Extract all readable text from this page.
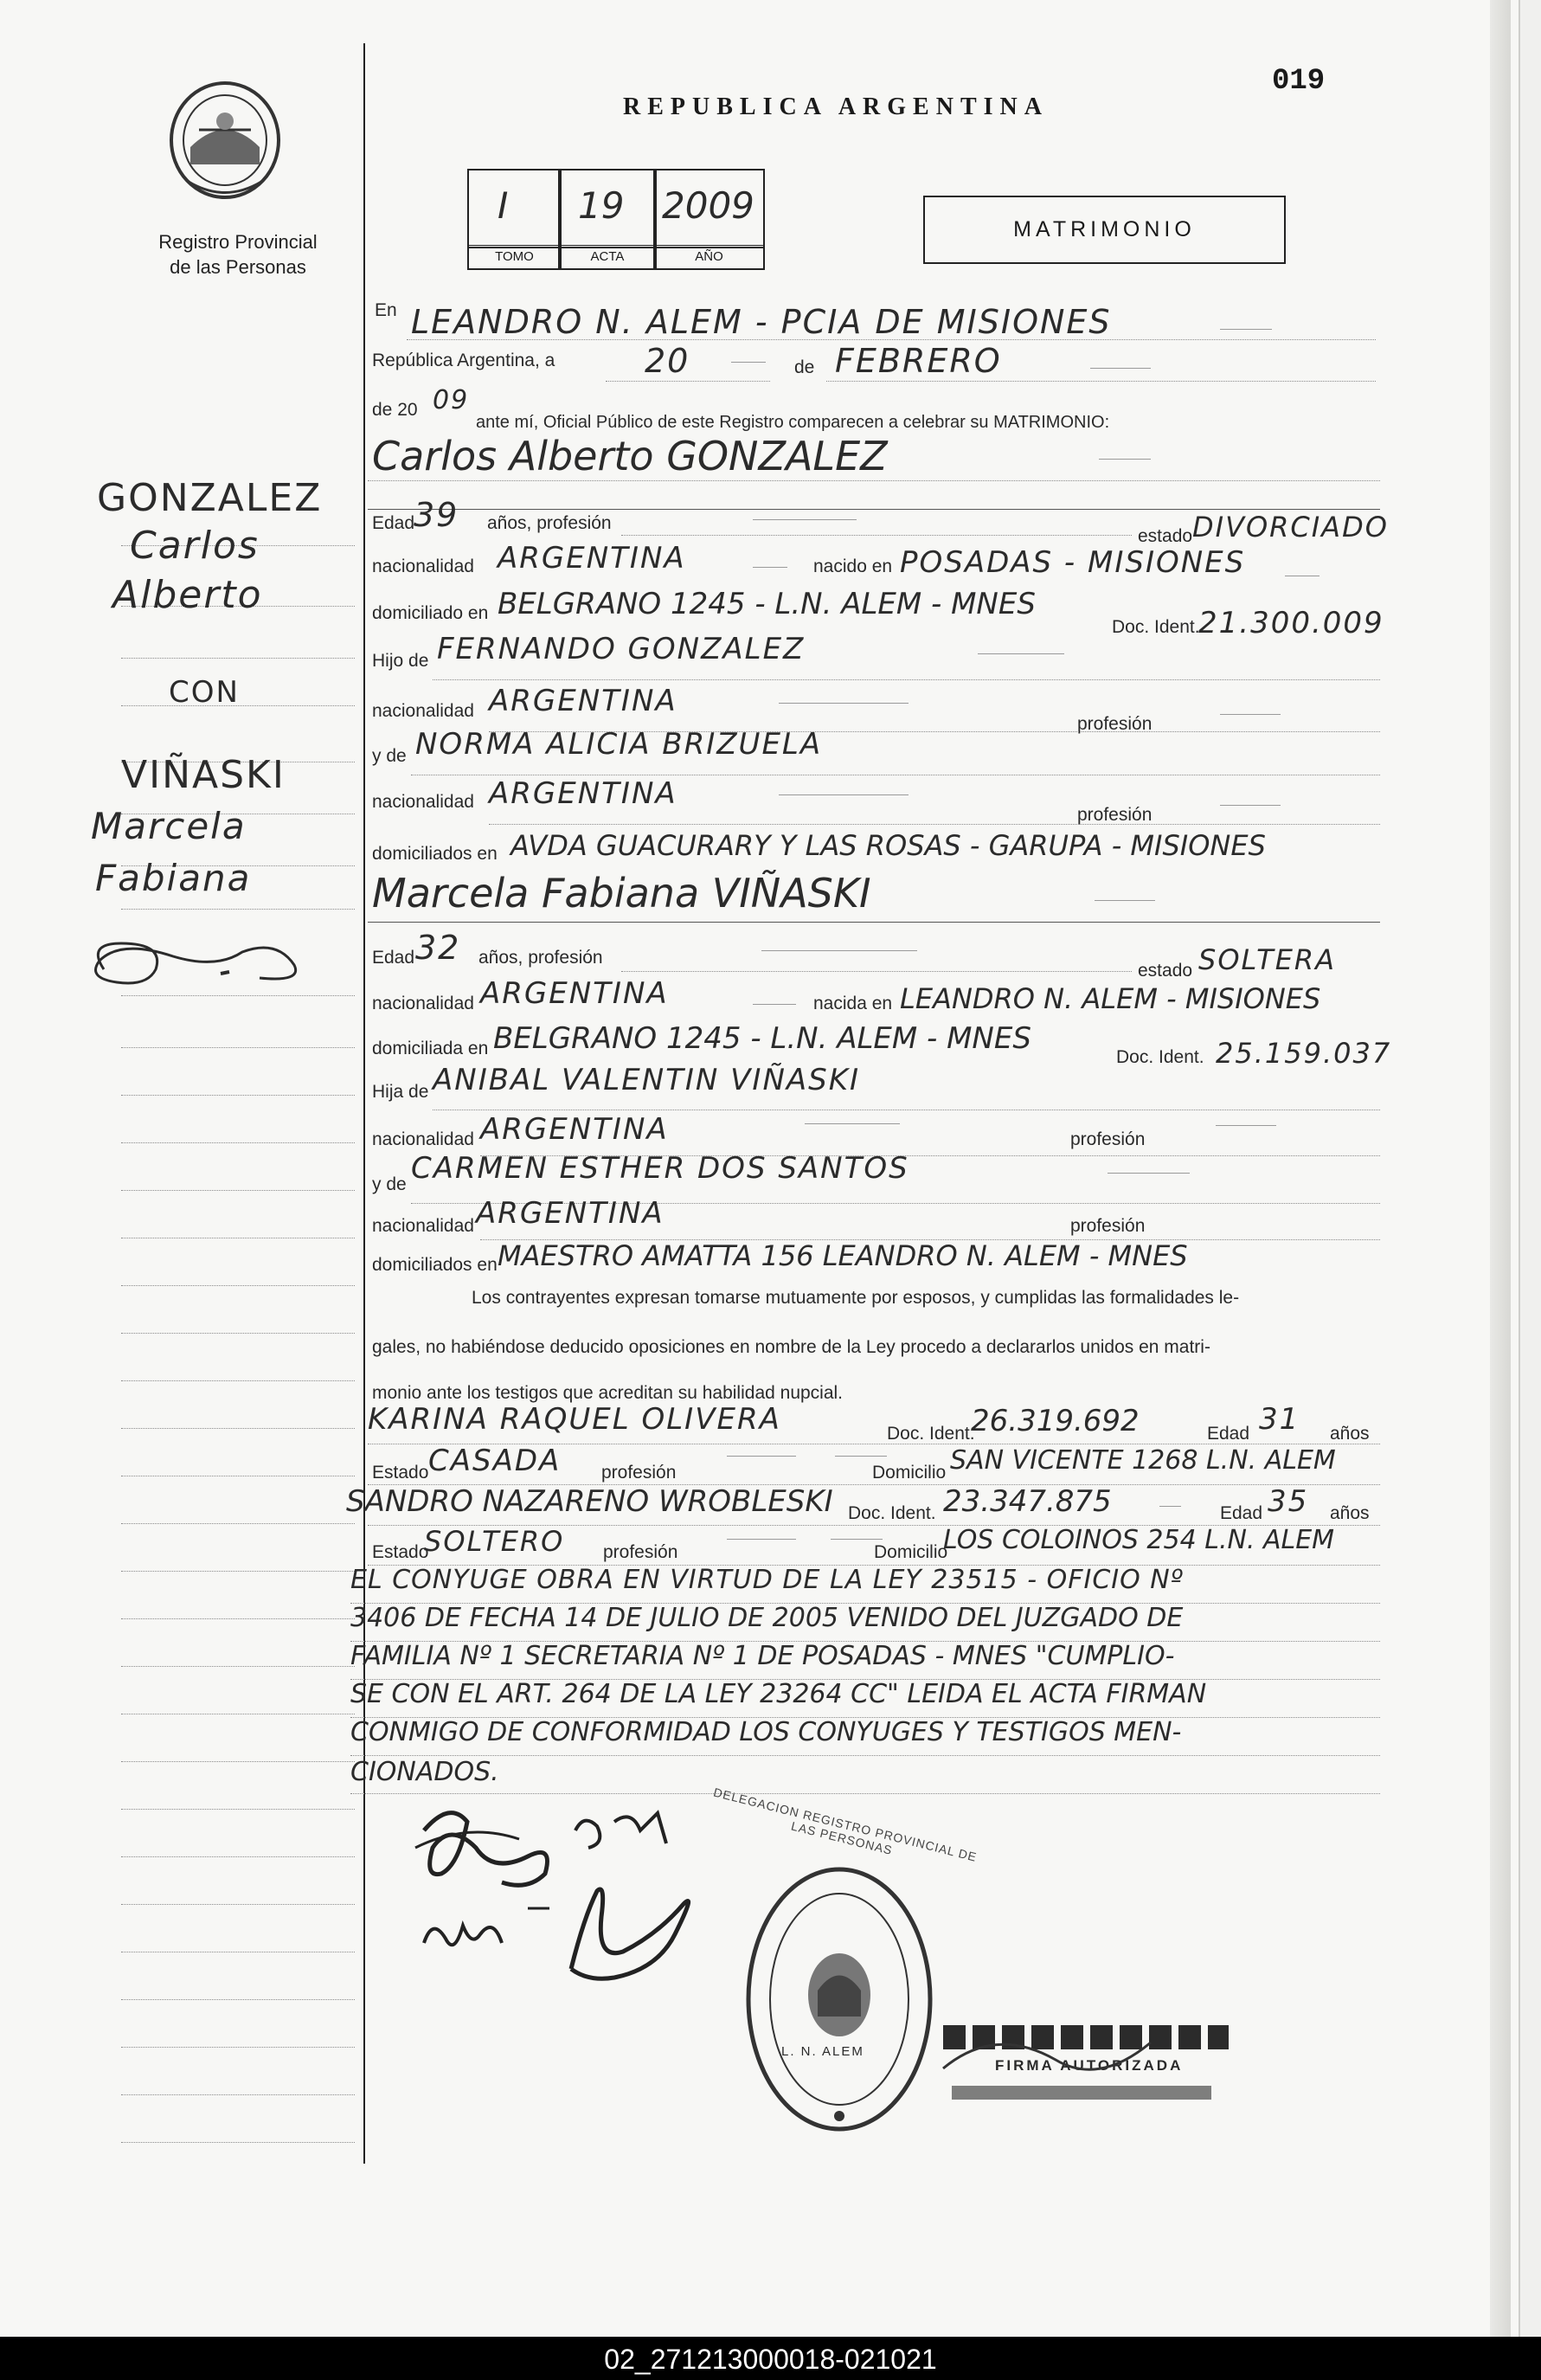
Registro Provincial
de las Personas
REPUBLICA ARGENTINA
019
I 19 2009
TOMO	ACTA	AÑO
MATRIMONIO
GONZALEZ
Carlos
Alberto
CON
VIÑASKI
Marcela
Fabiana
En LEANDRO N. ALEM - PCIA DE MISIONES
República Argentina, a	20	de FEBRERO
de 20 09
ante mí, Oficial Público de este Registro comparecen a celebrar su MATRIMONIO:
Carlos Alberto GONZALEZ
Edad
39 años, profesión
estado DIVORCIADO
nacionalidad ARGENTINA	nacido en POSADAS - MISIONES
domiciliado en BELGRANO 1245 - L.N. ALEM - MNES
Doc. Ident.
21.300.009
Hijo de FERNANDO GONZALEZ
nacionalidad ARGENTINA
profesión
y de NORMA ALICIA BRIZUELA
nacionalidad ARGENTINA
profesión
domiciliados en AVDA GUACURARY Y LAS ROSAS - GARUPA - MISIONES
Marcela Fabiana VIÑASKI
Edad 32 años, profesión
estado SOLTERA
nacionalidad ARGENTINA	nacida en LEANDRO N. ALEM - MISIONES
domiciliada en BELGRANO 1245 - L.N. ALEM - MNES
Doc. Ident. 25.159.037
Hija de ANIBAL VALENTIN VIÑASKI
nacionalidad ARGENTINA	profesión
y de CARMEN ESTHER DOS SANTOS
nacionalidad ARGENTINA	profesión
domiciliados en MAESTRO AMATTA 156 LEANDRO N. ALEM - MNES
Los contrayentes expresan tomarse mutuamente por esposos, y cumplidas las formalidades le-
gales, no habiéndose deducido oposiciones en nombre de la Ley procedo a declararlos unidos en matri-
monio ante los testigos que acreditan su habilidad nupcial.
KARINA RAQUEL OLIVERA	Doc. Ident.
26.319.692	Edad 31 años
Estado CASADA profesión	Domicilio SAN VICENTE 1268 L.N. ALEM
SANDRO NAZARENO WROBLESKI Doc. Ident. 23.347.875	Edad 35 años
Estado
SOLTERO profesión	Domicilio
LOS COLOINOS 254 L.N. ALEM
EL CONYUGE OBRA EN VIRTUD DE LA LEY 23515 - OFICIO Nº
3406 DE FECHA 14 DE JULIO DE 2005 VENIDO DEL JUZGADO DE
FAMILIA Nº 1 SECRETARIA Nº 1 DE POSADAS - MNES "CUMPLIO-
SE CON EL ART. 264 DE LA LEY 23264 CC" LEIDA EL ACTA FIRMAN
CONMIGO DE CONFORMIDAD LOS CONYUGES Y TESTIGOS MEN-
CIONADOS.
L. N. ALEM
DELEGACION REGISTRO PROVINCIAL DE LAS PERSONAS
FIRMA AUTORIZADA
02_271213000018-021021
